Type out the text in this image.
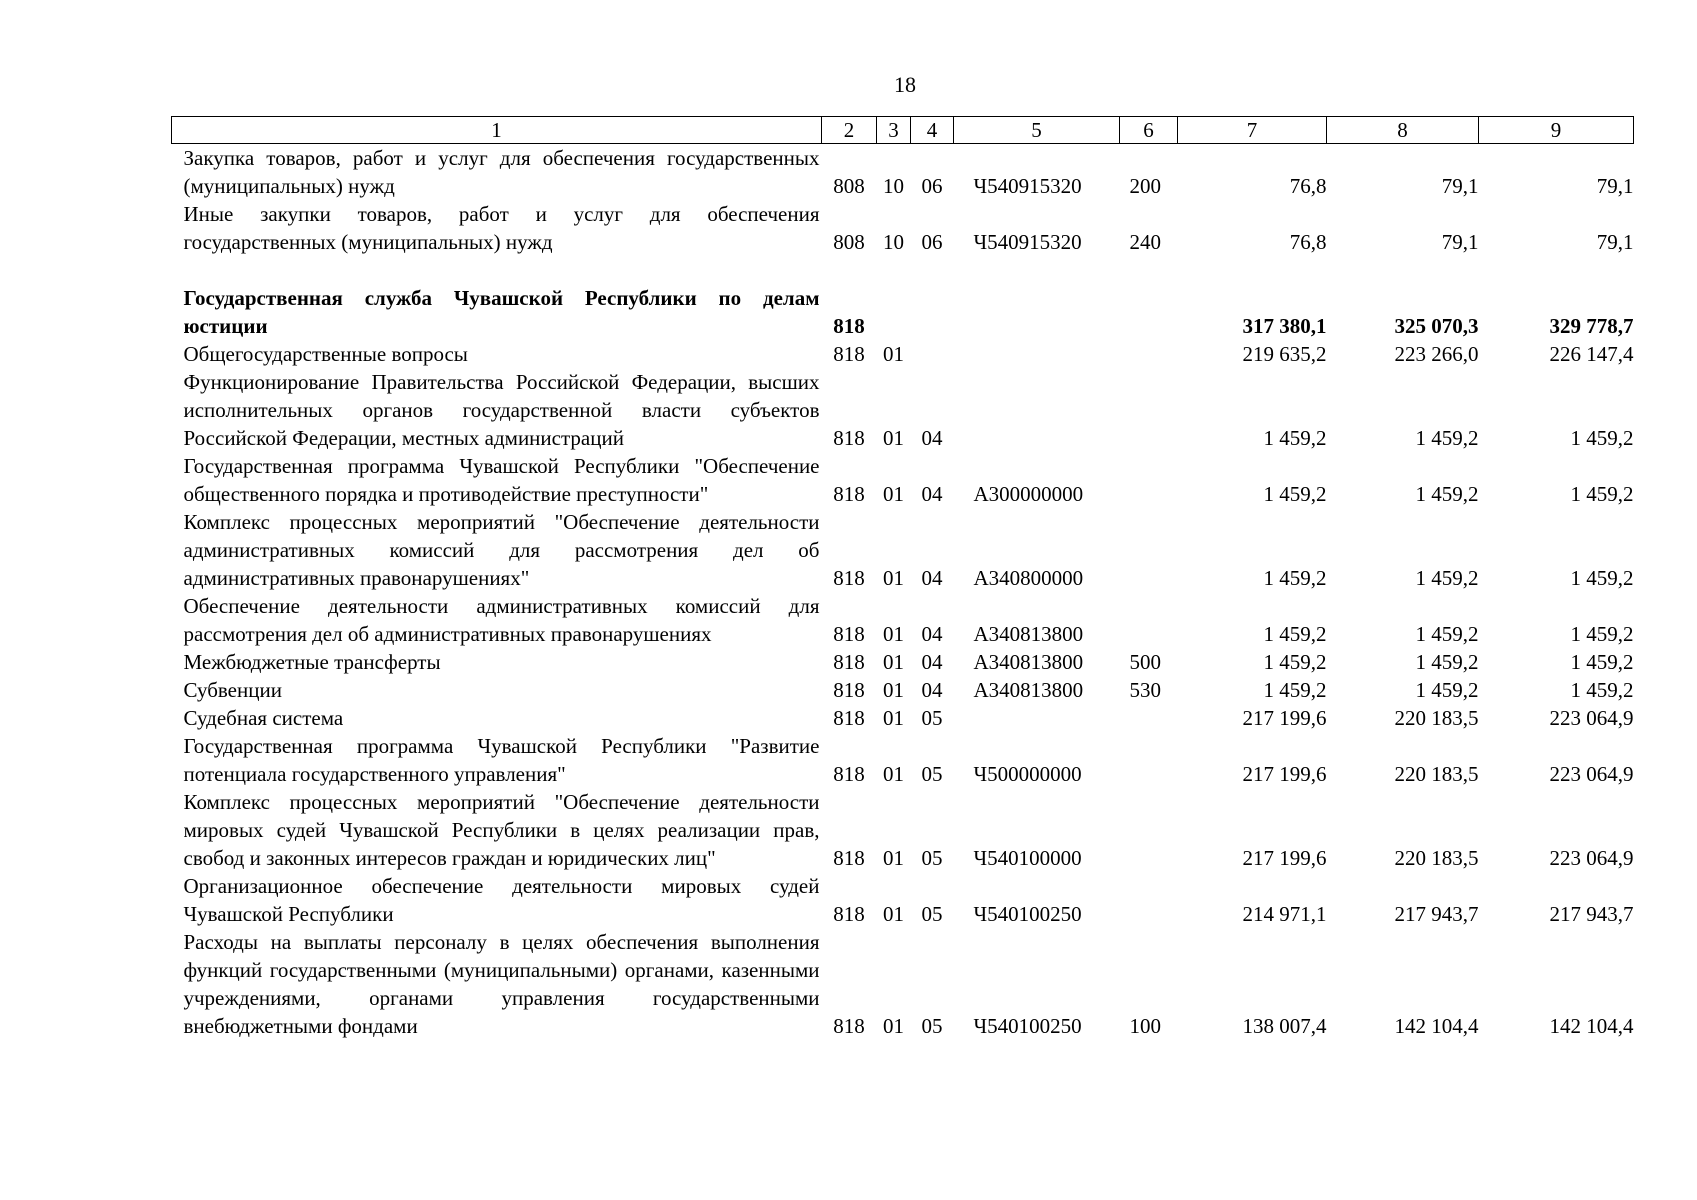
18
1	2	3	4	5	6	7	8	9
Закупка товаров, работ и услуг для обеспечения государственных (муниципальных) нужд	808	10	06	Ч540915320	200	76,8	79,1	79,1
Иные закупки товаров, работ и услуг для обеспечения государственных (муниципальных) нужд	808	10	06	Ч540915320	240	76,8	79,1	79,1

Государственная служба Чувашской Республики по делам юстиции	818					317 380,1	325 070,3	329 778,7
Общегосударственные вопросы	818	01				219 635,2	223 266,0	226 147,4
Функционирование Правительства Российской Федерации, высших исполнительных органов государственной власти субъектов Российской Федерации, местных администраций	818	01	04			1 459,2	1 459,2	1 459,2
Государственная программа Чувашской Республики "Обеспечение общественного порядка и противодействие преступности"	818	01	04	А300000000		1 459,2	1 459,2	1 459,2
Комплекс процессных мероприятий "Обеспечение деятельности административных комиссий для рассмотрения дел об административных правонарушениях"	818	01	04	А340800000		1 459,2	1 459,2	1 459,2
Обеспечение деятельности административных комиссий для рассмотрения дел об административных правонарушениях	818	01	04	А340813800		1 459,2	1 459,2	1 459,2
Межбюджетные трансферты	818	01	04	А340813800	500	1 459,2	1 459,2	1 459,2
Субвенции	818	01	04	А340813800	530	1 459,2	1 459,2	1 459,2
Судебная система	818	01	05			217 199,6	220 183,5	223 064,9
Государственная программа Чувашской Республики "Развитие потенциала государственного управления"	818	01	05	Ч500000000		217 199,6	220 183,5	223 064,9
Комплекс процессных мероприятий "Обеспечение деятельности мировых судей Чувашской Республики в целях реализации прав, свобод и законных интересов граждан и юридических лиц"	818	01	05	Ч540100000		217 199,6	220 183,5	223 064,9
Организационное обеспечение деятельности мировых судей Чувашской Республики	818	01	05	Ч540100250		214 971,1	217 943,7	217 943,7
Расходы на выплаты персоналу в целях обеспечения выполнения функций государственными (муниципальными) органами, казенными учреждениями, органами управления государственными внебюджетными фондами	818	01	05	Ч540100250	100	138 007,4	142 104,4	142 104,4
